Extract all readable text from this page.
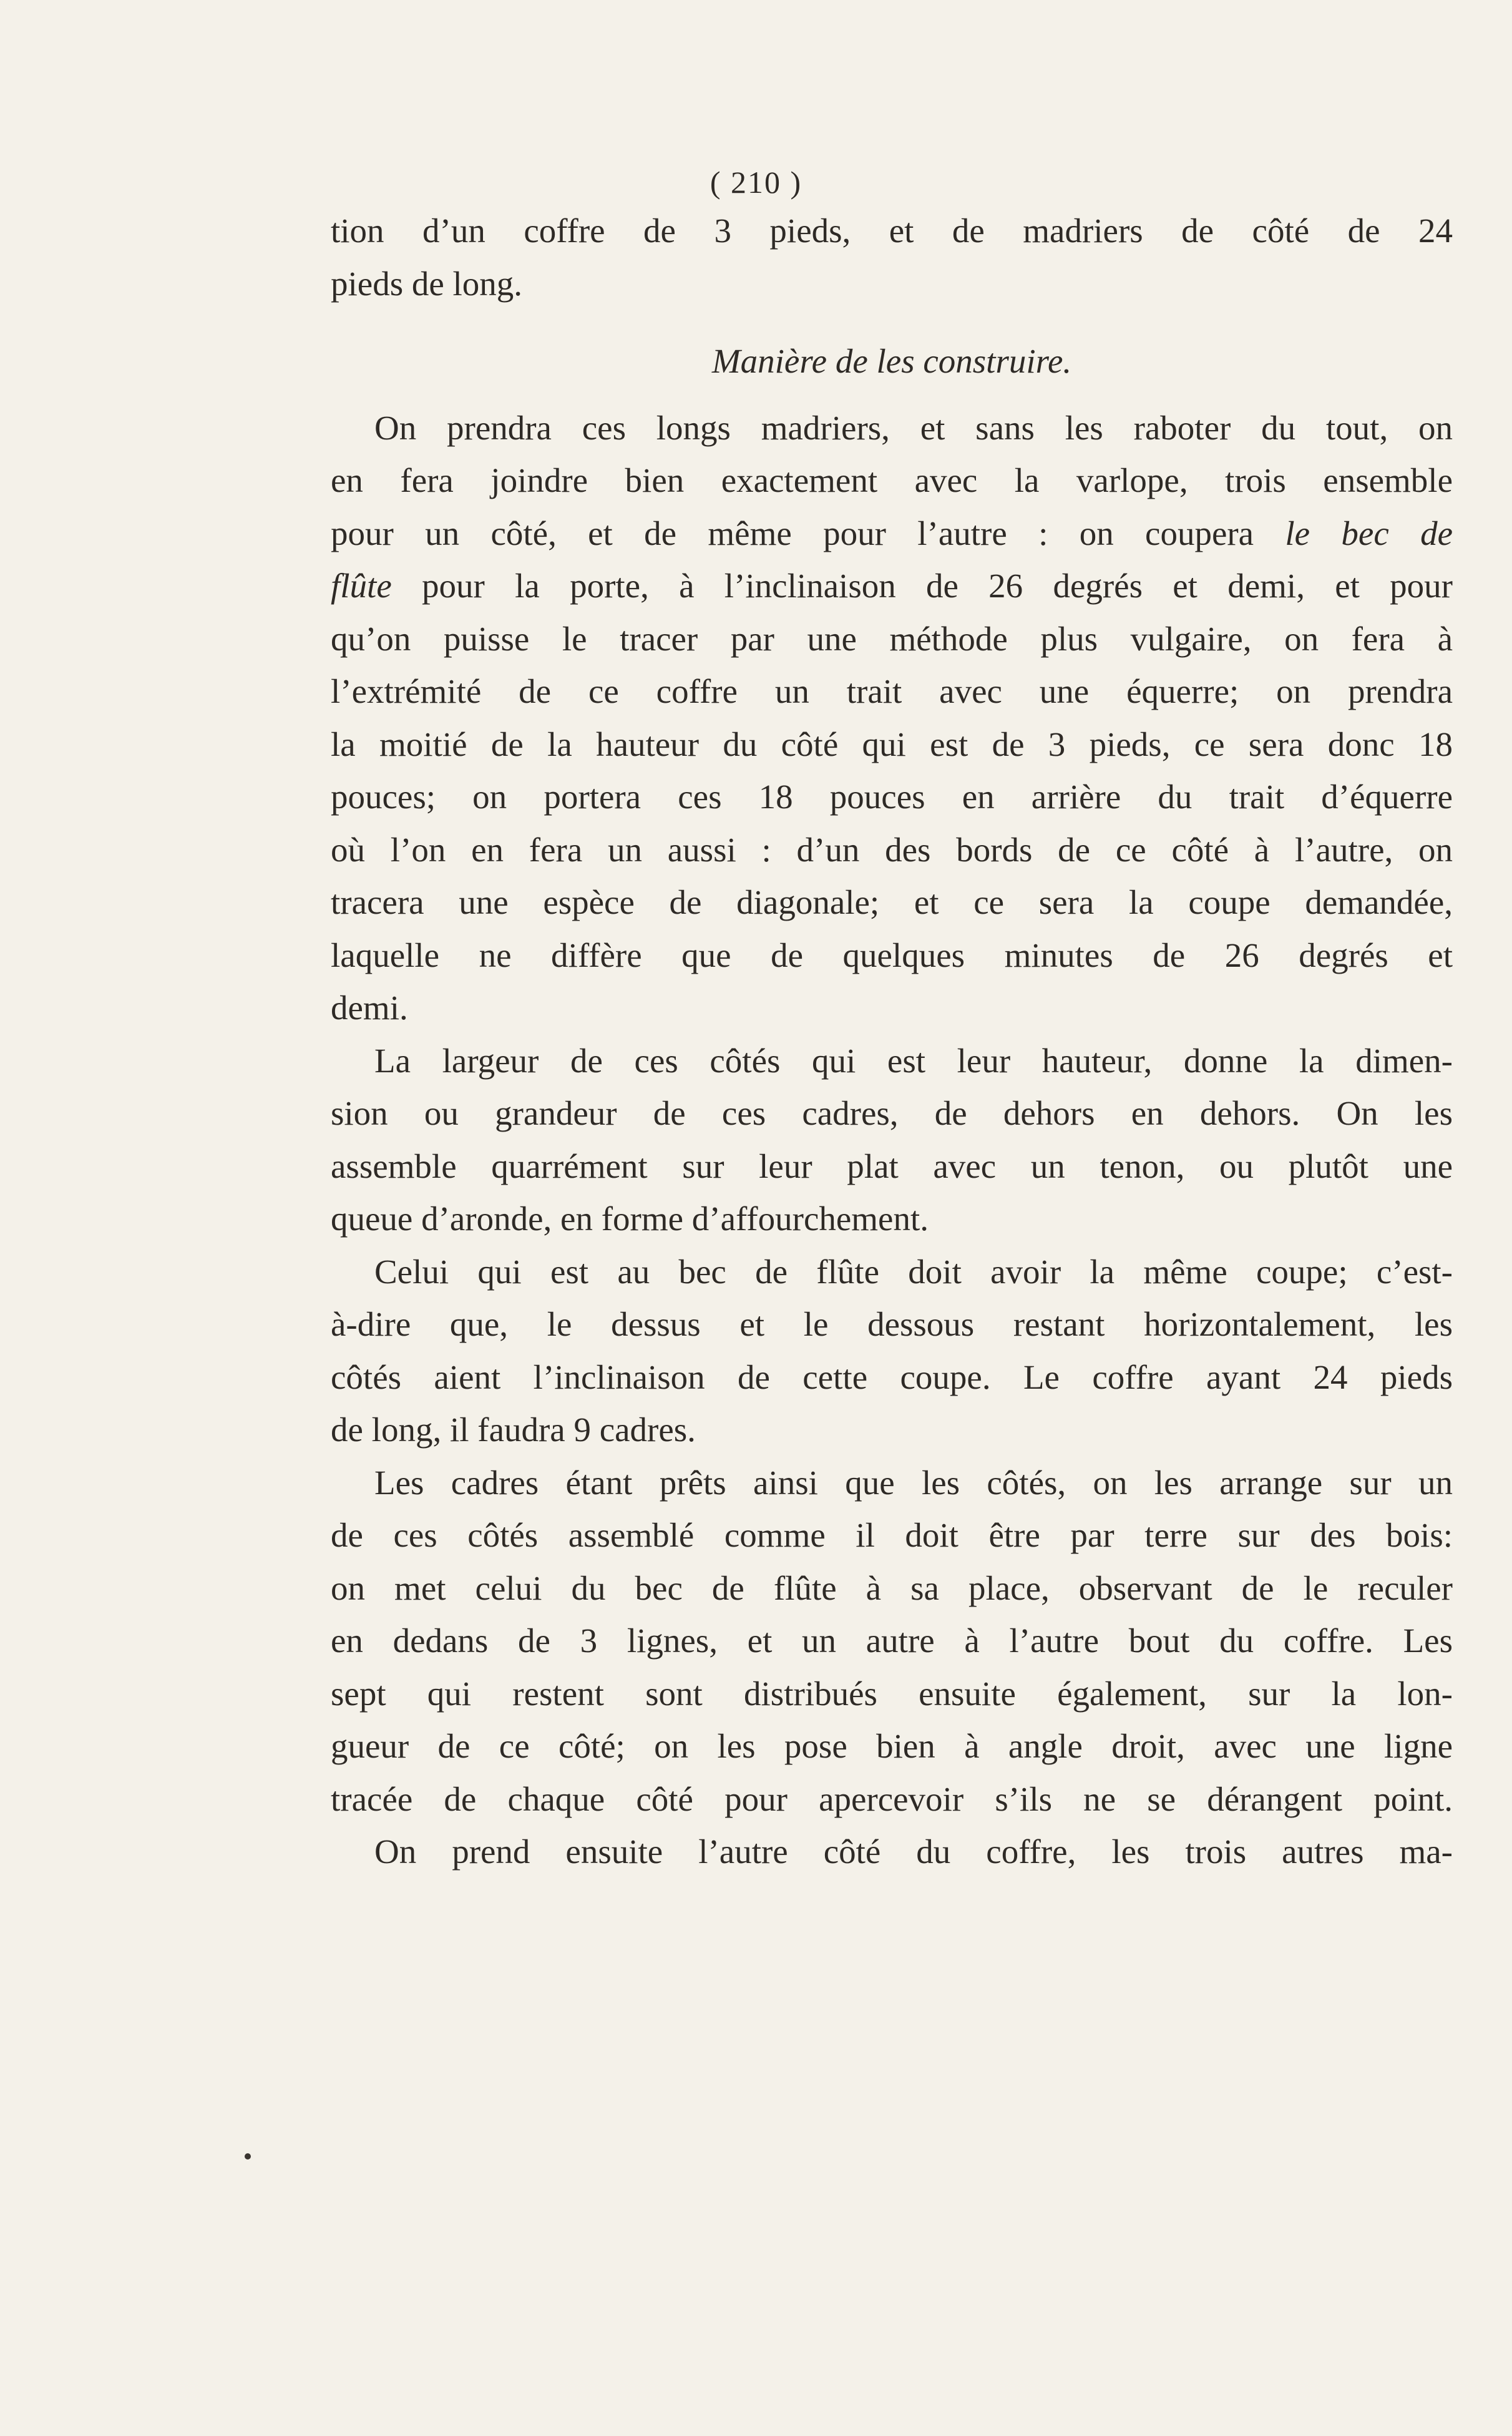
( 210 )
tion d’un coffre de 3 pieds, et de madriers de côté de 24
pieds de long.
Manière de les construire.
On prendra ces longs madriers, et sans les raboter du tout, on
en fera joindre bien exactement avec la varlope, trois ensemble
pour un côté, et de même pour l’autre : on coupera le bec de
flûte pour la porte, à l’inclinaison de 26 degrés et demi, et pour
qu’on puisse le tracer par une méthode plus vulgaire, on fera à
l’extrémité de ce coffre un trait avec une équerre; on prendra
la moitié de la hauteur du côté qui est de 3 pieds, ce sera donc 18
pouces; on portera ces 18 pouces en arrière du trait d’équerre
où l’on en fera un aussi : d’un des bords de ce côté à l’autre, on
tracera une espèce de diagonale; et ce sera la coupe demandée,
laquelle ne diffère que de quelques minutes de 26 degrés et
demi.
La largeur de ces côtés qui est leur hauteur, donne la dimen-
sion ou grandeur de ces cadres, de dehors en dehors. On les
assemble quarrément sur leur plat avec un tenon, ou plutôt une
queue d’aronde, en forme d’affourchement.
Celui qui est au bec de flûte doit avoir la même coupe; c’est-
à-dire que, le dessus et le dessous restant horizontalement, les
côtés aient l’inclinaison de cette coupe. Le coffre ayant 24 pieds
de long, il faudra 9 cadres.
Les cadres étant prêts ainsi que les côtés, on les arrange sur un
de ces côtés assemblé comme il doit être par terre sur des bois:
on met celui du bec de flûte à sa place, observant de le reculer
en dedans de 3 lignes, et un autre à l’autre bout du coffre. Les
sept qui restent sont distribués ensuite également, sur la lon-
gueur de ce côté; on les pose bien à angle droit, avec une ligne
tracée de chaque côté pour apercevoir s’ils ne se dérangent point.
On prend ensuite l’autre côté du coffre, les trois autres ma-
